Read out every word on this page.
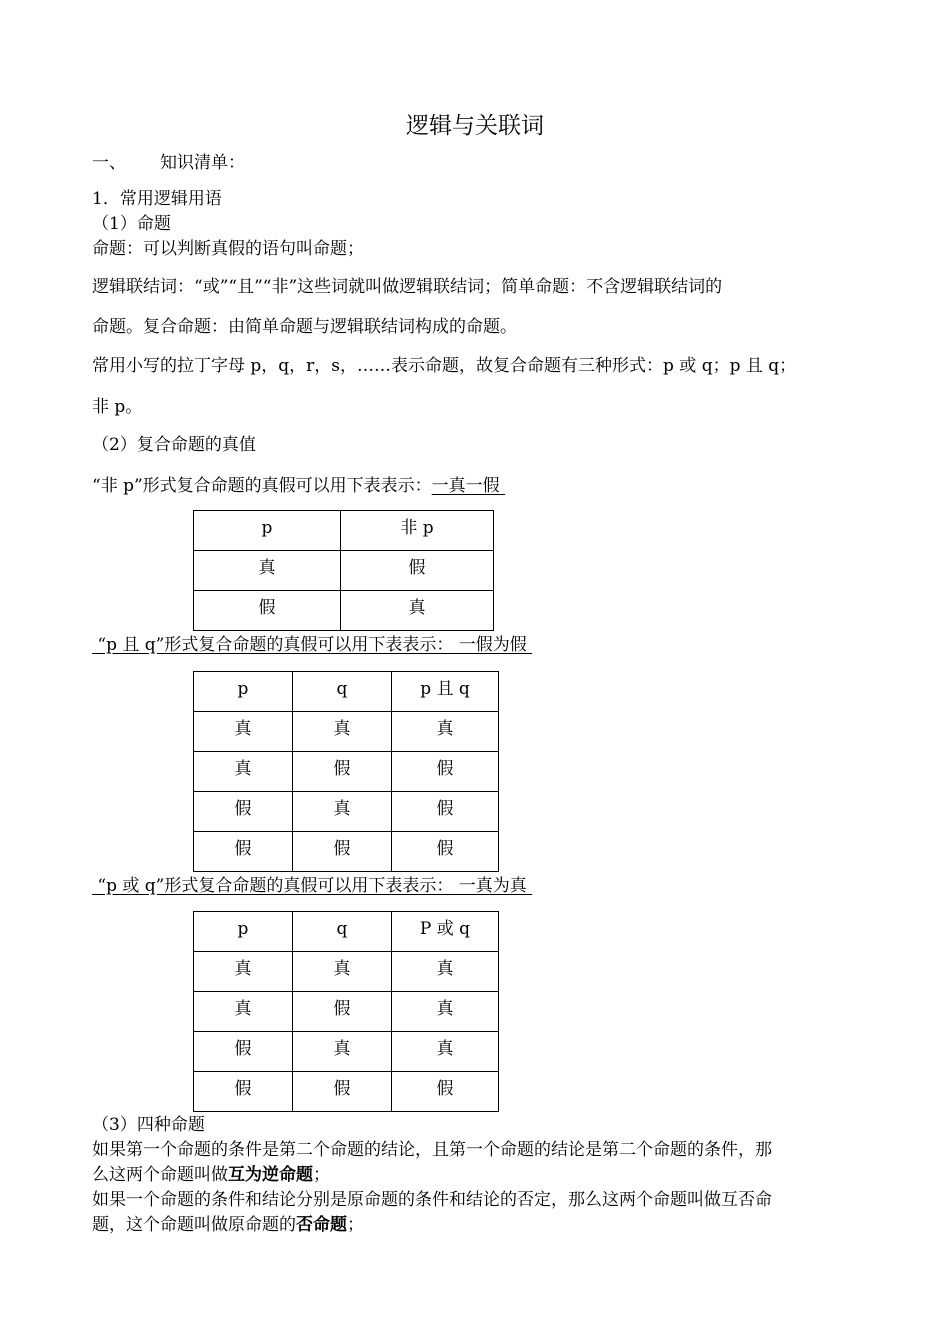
逻辑与关联词
一、 知识清单：
1．常用逻辑用语
（1）命题
命题：可以判断真假的语句叫命题；
逻辑联结词：“或”“且”“非”这些词就叫做逻辑联结词；简单命题：不含逻辑联结词的
命题。复合命题：由简单命题与逻辑联结词构成的命题。
常用小写的拉丁字母 p，q，r，s，……表示命题，故复合命题有三种形式：p 或 q；p 且 q；
非 p。
（2）复合命题的真值
“非 p”形式复合命题的真假可以用下表表示：一真一假
p	非 p
真	假
假	真
“p 且 q”形式复合命题的真假可以用下表表示： 一假为假
p	q	p 且 q
真	真	真
真	假	假
假	真	假
假	假	假
“p 或 q”形式复合命题的真假可以用下表表示： 一真为真
p	q	P 或 q
真	真	真
真	假	真
假	真	真
假	假	假
（3）四种命题
如果第一个命题的条件是第二个命题的结论，且第一个命题的结论是第二个命题的条件，那
么这两个命题叫做互为逆命题；
如果一个命题的条件和结论分别是原命题的条件和结论的否定，那么这两个命题叫做互否命
题，这个命题叫做原命题的否命题；
